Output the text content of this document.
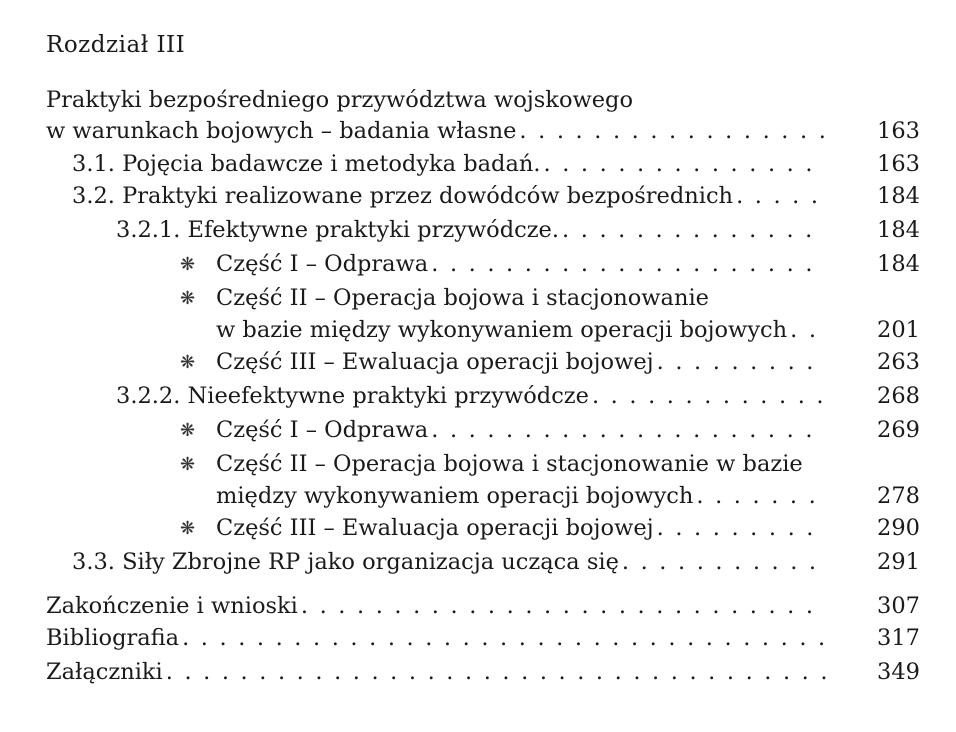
Rozdział III
Praktyki bezpośredniego przywództwa wojskowego
w warunkach bojowych – badania własne . . .	163
3.1. Pojęcia badawcze i metodyka badań. . . .	163
3.2. Praktyki realizowane przez dowódców bezpośrednich . . .	184
3.2.1. Efektywne praktyki przywódcze. . . .	184
❋ Część I – Odprawa . . .	184
❋ Część II – Operacja bojowa i stacjonowanie
w bazie między wykonywaniem operacji bojowych . . .	201
❋ Część III – Ewaluacja operacji bojowej . . .	263
3.2.2. Nieefektywne praktyki przywódcze . . .	268
❋ Część I – Odprawa . . .	269
❋ Część II – Operacja bojowa i stacjonowanie w bazie
między wykonywaniem operacji bojowych . . .	278
❋ Część III – Ewaluacja operacji bojowej . . .	290
3.3. Siły Zbrojne RP jako organizacja ucząca się . . .	291
Zakończenie i wnioski . . .	307
Bibliografia . . .	317
Załączniki . . .	349
